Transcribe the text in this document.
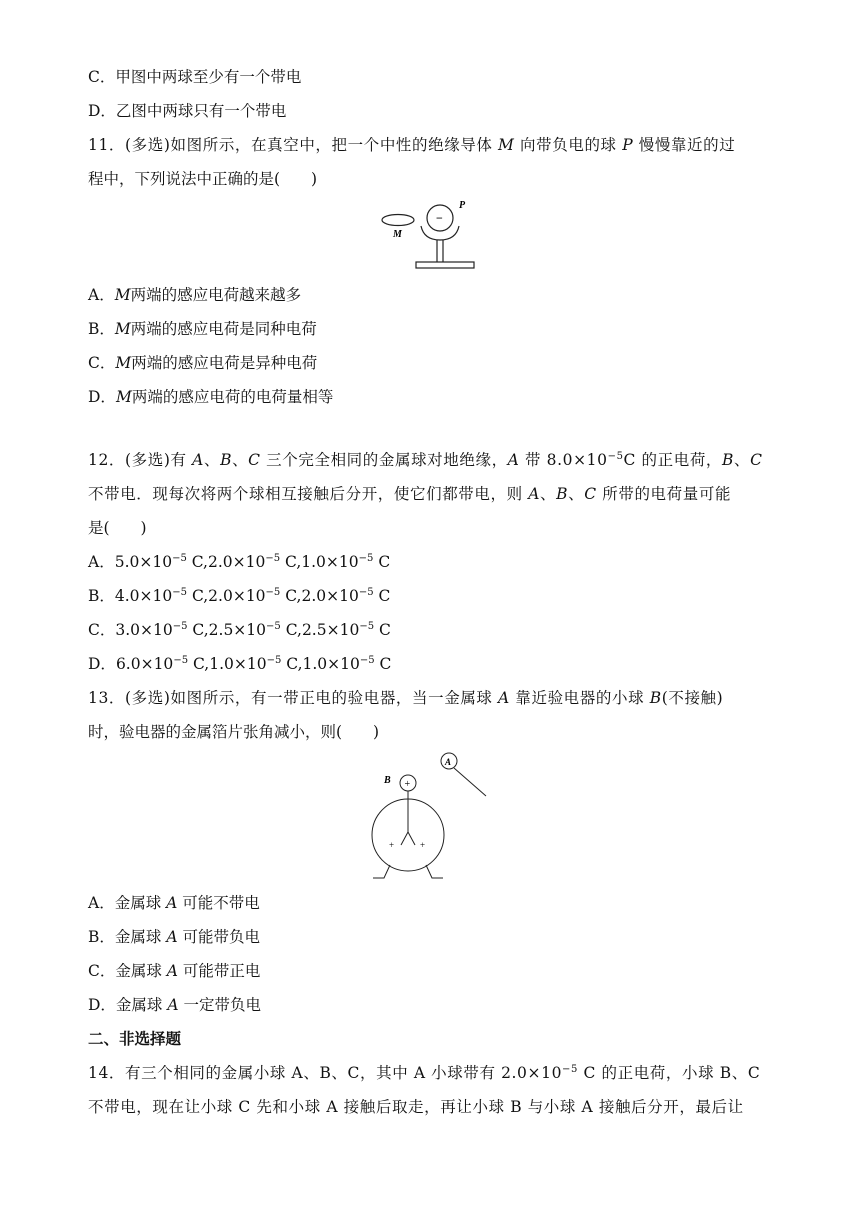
C．甲图中两球至少有一个带电
D．乙图中两球只有一个带电
11．(多选)如图所示，在真空中，把一个中性的绝缘导体 M 向带负电的球 P 慢慢靠近的过
程中，下列说法中正确的是(　　)
M
−
P
A．M两端的感应电荷越来越多
B．M两端的感应电荷是同种电荷
C．M两端的感应电荷是异种电荷
D．M两端的感应电荷的电荷量相等
12．(多选)有 A、B、C 三个完全相同的金属球对地绝缘，A 带 $8.0\times 10^{-5}C$ 的正电荷，B、C
不带电．现每次将两个球相互接触后分开，使它们都带电，则 A、B、C 所带的电荷量可能
是(　　)
A．$5.0\times 10^{-5}$ $C,2.0\times 10^{-5}$ $C,1.0\times 10^{-5}$ C
B．$4.0\times 10^{-5}$ $C,2.0\times 10^{-5}$ $C,2.0\times 10^{-5}$ C
C．$3.0\times 10^{-5}$ $C,2.5\times 10^{-5}$ $C,2.5\times 10^{-5}$ C
D．$6.0\times 10^{-5}$ $C,1.0\times 10^{-5}$ $C,1.0\times 10^{-5}$ C
13．(多选)如图所示，有一带正电的验电器，当一金属球 A 靠近验电器的小球 B(不接触)
时，验电器的金属箔片张角减小，则(　　)
A
B +
+	+
A．金属球 A 可能不带电
B．金属球 A 可能带负电
C．金属球 A 可能带正电
D．金属球 A 一定带负电
二、非选择题
14．有三个相同的金属小球 A、B、C，其中 A 小球带有 $2.0\times 10^{-5}$ C 的正电荷，小球 B、C
不带电，现在让小球 C 先和小球 A 接触后取走，再让小球 B 与小球 A 接触后分开，最后让
